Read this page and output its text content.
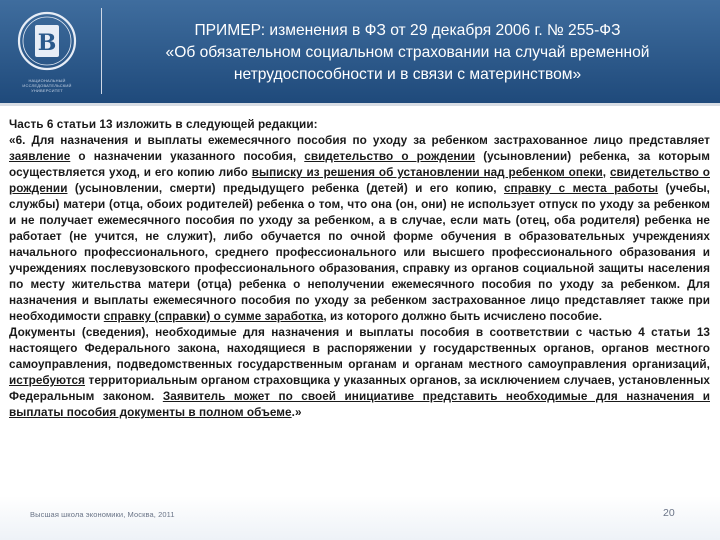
В
НАЦИОНАЛЬНЫЙ ИССЛЕДОВАТЕЛЬСКИЙ
УНИВЕРСИТЕТ
ПРИМЕР: изменения в ФЗ от 29 декабря 2006 г. № 255-ФЗ
«Об обязательном социальном страховании на случай временной
нетрудоспособности и в связи с материнством»

Часть 6 статьи 13 изложить в следующей редакции:

«6. Для назначения и выплаты ежемесячного пособия по уходу за ребенком застрахованное лицо представляет заявление о назначении указанного пособия, свидетельство о рождении (усыновлении) ребенка, за которым осуществляется уход, и его копию либо выписку из решения об установлении над ребенком опеки, свидетельство о рождении (усыновлении, смерти) предыдущего ребенка (детей) и его копию, справку с места работы (учебы, службы) матери (отца, обоих родителей) ребенка о том, что она (он, они) не использует отпуск по уходу за ребенком и не получает ежемесячного пособия по уходу за ребенком, а в случае, если мать (отец, оба родителя) ребенка не работает (не учится, не служит), либо обучается по очной форме обучения в образовательных учреждениях начального профессионального, среднего профессионального или высшего профессионального образования и учреждениях послевузовского профессионального образования, справку из органов социальной защиты населения по месту жительства матери (отца) ребенка о неполучении ежемесячного пособия по уходу за ребенком. Для назначения и выплаты ежемесячного пособия по уходу за ребенком застрахованное лицо представляет также при необходимости справку (справки) о сумме заработка, из которого должно быть исчислено пособие.

Документы (сведения), необходимые для назначения и выплаты пособия в соответствии с частью 4 статьи 13 настоящего Федерального закона, находящиеся в распоряжении у государственных органов, органов местного самоуправления, подведомственных государственным органам и органам местного самоуправления организаций, истребуются территориальным органом страховщика у указанных органов, за исключением случаев, установленных Федеральным законом. Заявитель может по своей инициативе представить необходимые для назначения и выплаты пособия документы в полном объеме.»

Высшая школа экономики, Москва, 2011	20
